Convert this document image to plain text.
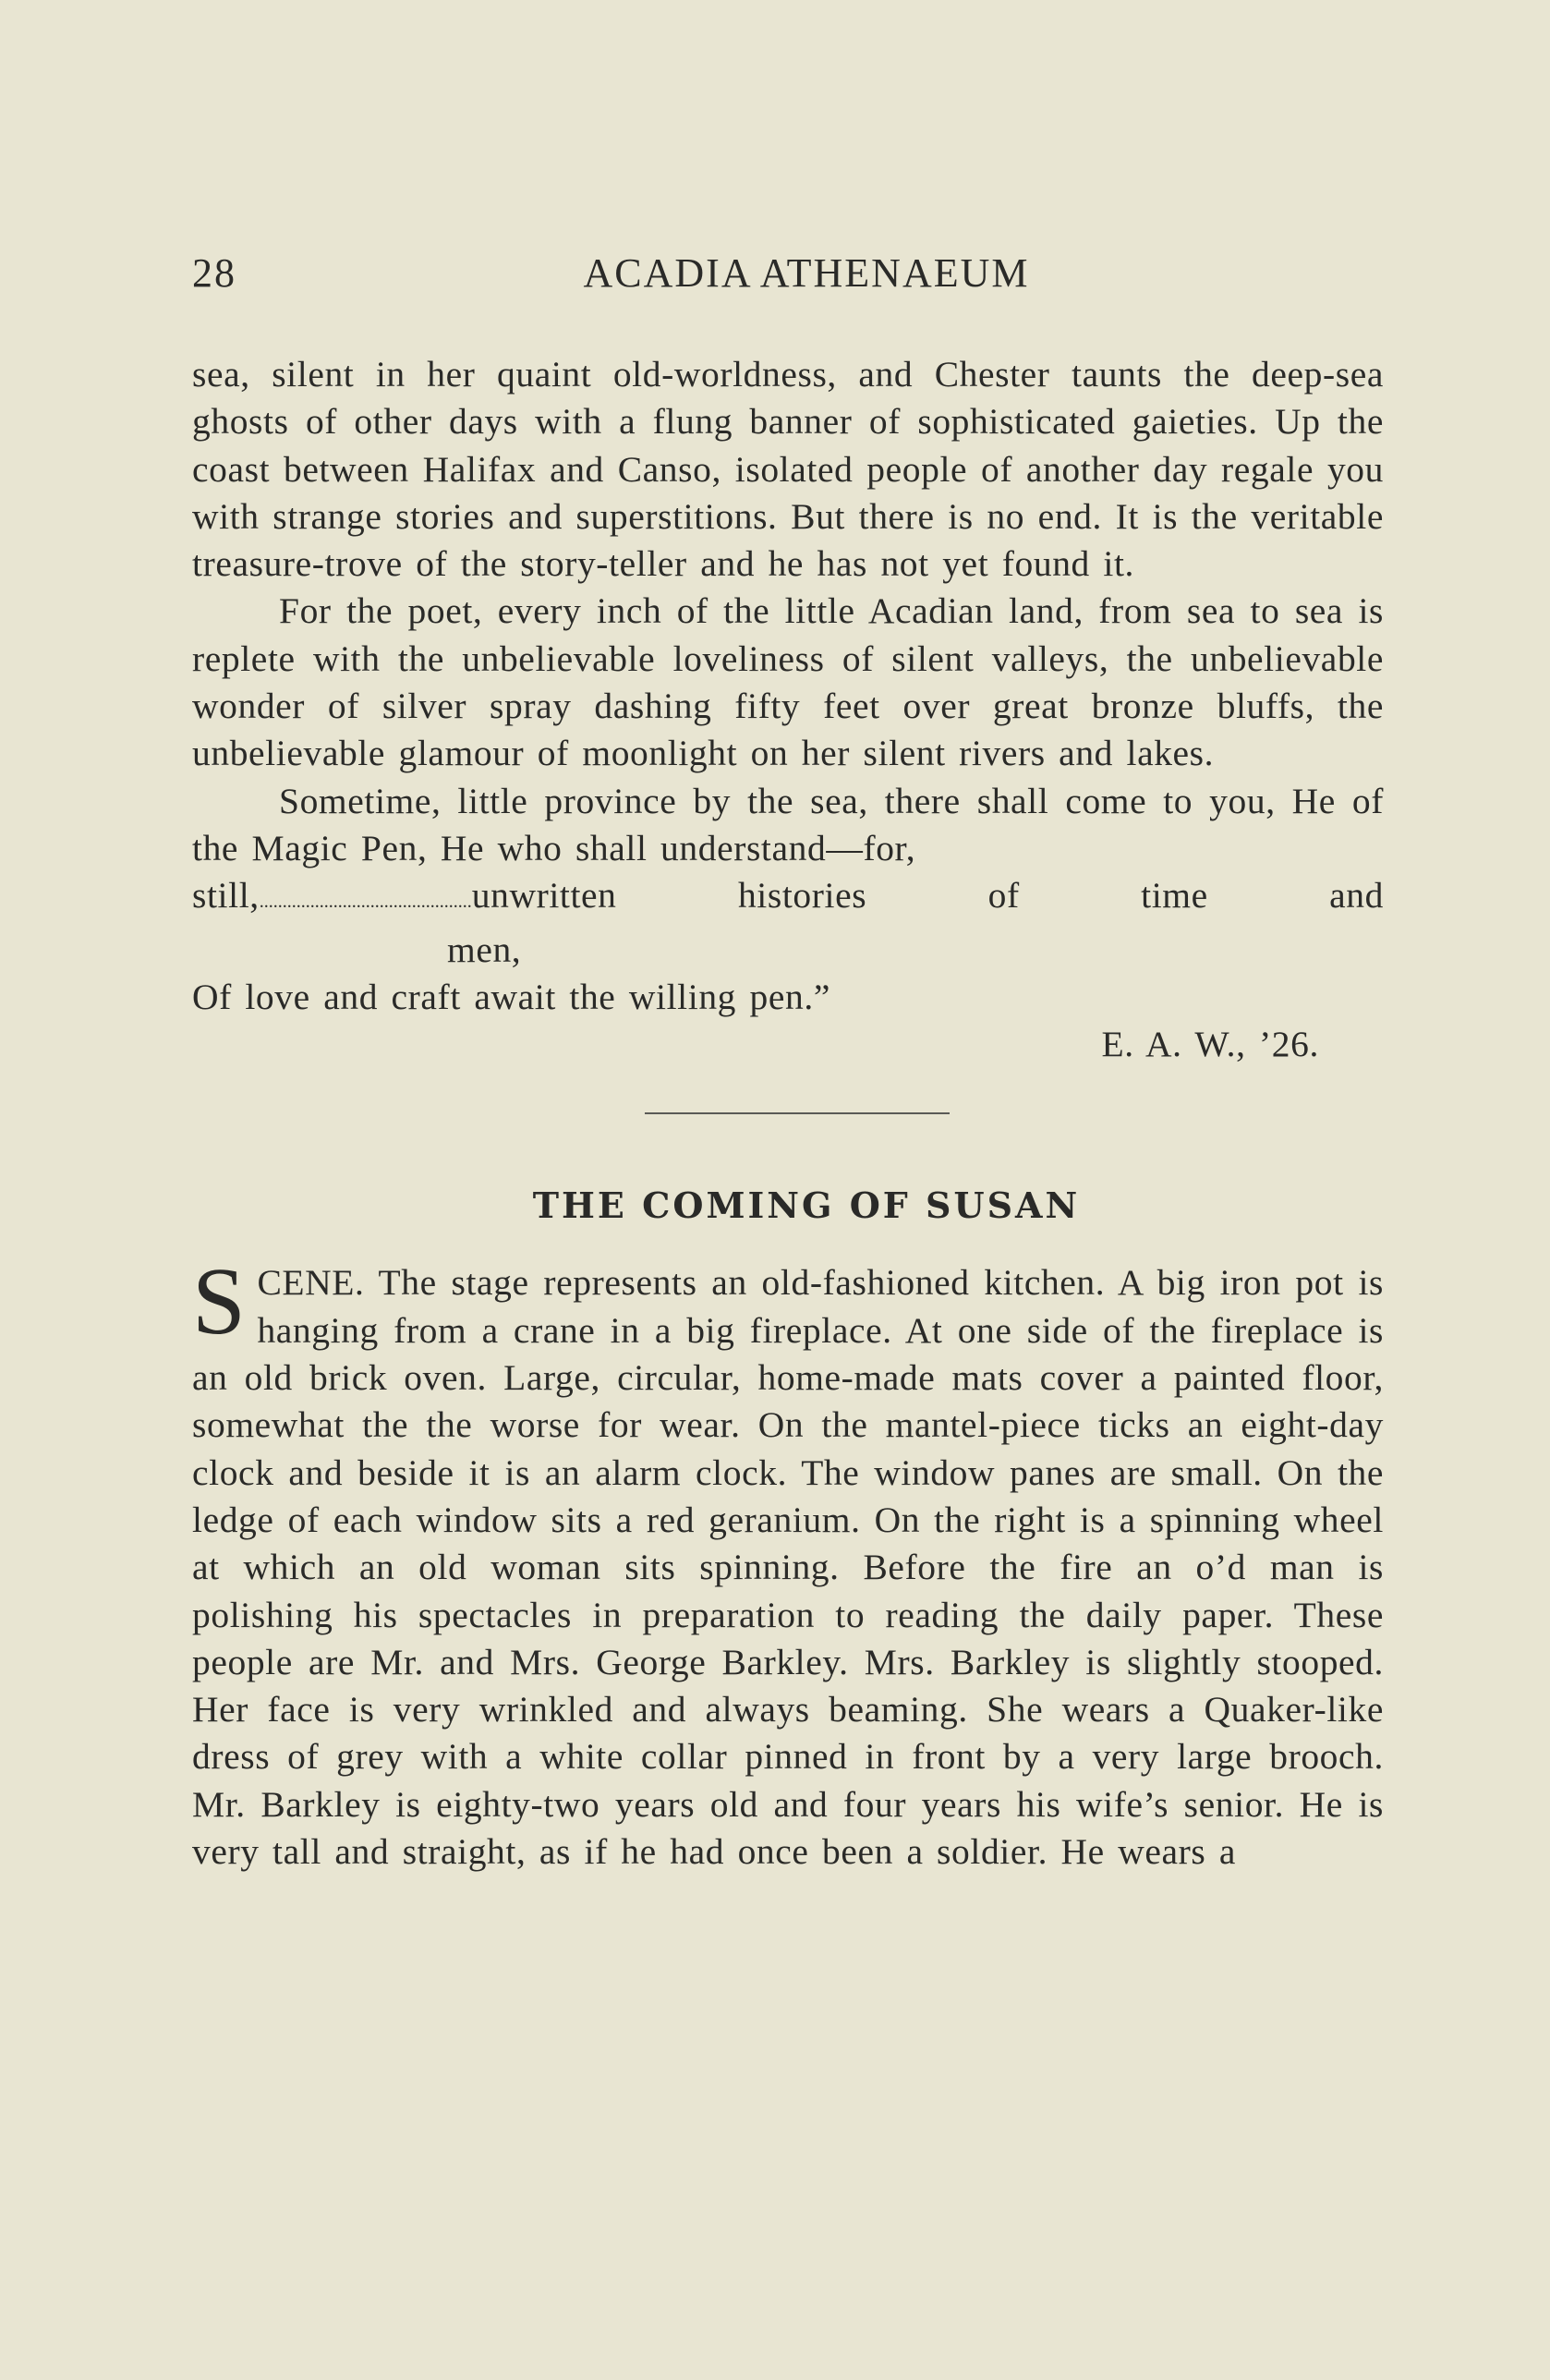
28	ACADIA ATHENAEUM

sea, silent in her quaint old-worldness, and Chester taunts the deep-sea ghosts of other days with a flung banner of sophisticated gaieties. Up the coast between Halifax and Canso, isolated people of another day regale you with strange stories and superstitions. But there is no end. It is the veritable treasure-trove of the story-teller and he has not yet found it.

For the poet, every inch of the little Acadian land, from sea to sea is replete with the unbelievable loveliness of silent valleys, the unbelievable wonder of silver spray dashing fifty feet over great bronze bluffs, the unbelievable glamour of moonlight on her silent rivers and lakes.

Sometime, little province by the sea, there shall come to you, He of the Magic Pen, He who shall understand—for,

still,..............................................unwritten histories of time and

men,

Of love and craft await the willing pen.”

E. A. W., ’26.

THE COMING OF SUSAN
SCENE. The stage represents an old-fashioned kitchen. A big iron pot is hanging from a crane in a big fireplace. At one side of the fireplace is an old brick oven. Large, circular, home-made mats cover a painted floor, somewhat the the worse for wear. On the mantel-piece ticks an eight-day clock and beside it is an alarm clock. The window panes are small. On the ledge of each window sits a red geranium. On the right is a spinning wheel at which an old woman sits spinning. Before the fire an o’d man is polishing his spectacles in preparation to reading the daily paper. These people are Mr. and Mrs. George Barkley. Mrs. Barkley is slightly stooped. Her face is very wrinkled and always beaming. She wears a Quaker-like dress of grey with a white collar pinned in front by a very large brooch. Mr. Barkley is eighty-two years old and four years his wife’s senior. He is very tall and straight, as if he had once been a soldier. He wears a
